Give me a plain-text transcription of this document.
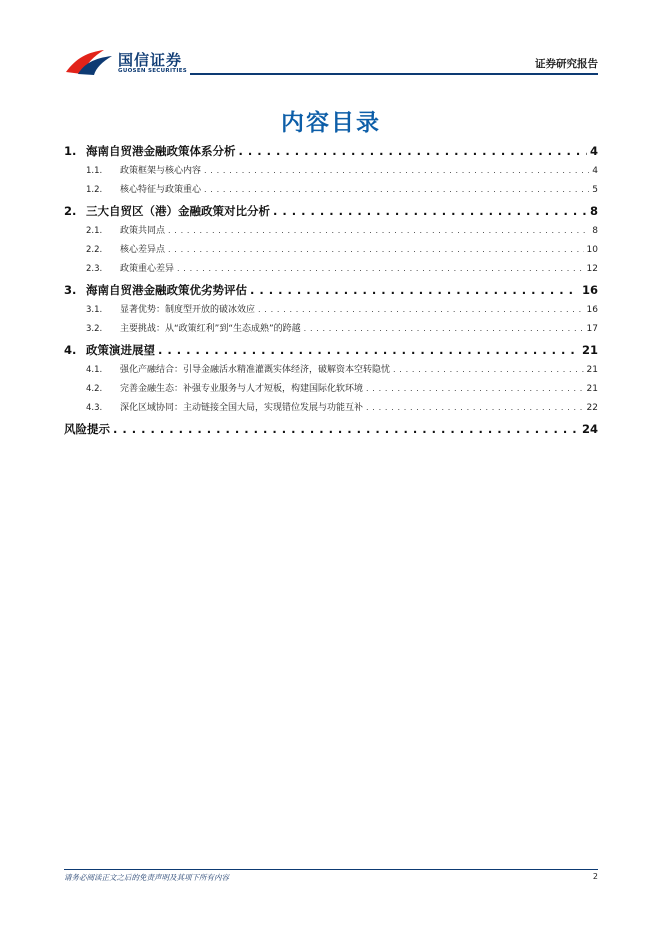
国信证券
GUOSEN SECURITIES
证券研究报告
内容目录
1. 海南自贸港金融政策体系分析 . . .	4
1.1.	政策框架与核心内容 . . .	4
1.2.	核心特征与政策重心 . . .	5
2. 三大自贸区（港）金融政策对比分析 . . .	8
2.1.	政策共同点 . . .	8
2.2.	核心差异点 . . .	10
2.3.	政策重心差异 . . .	12
3. 海南自贸港金融政策优劣势评估 . . .	16
3.1.	显著优势：制度型开放的破冰效应 . . .	16
3.2.	主要挑战：从“政策红利”到“生态成熟”的跨越 . . .	17
4. 政策演进展望 . . .	21
4.1.	强化产融结合：引导金融活水精准灌溉实体经济，破解资本空转隐忧 . . .	21
4.2.	完善金融生态：补强专业服务与人才短板，构建国际化软环境 . . .	21
4.3.	深化区域协同：主动链接全国大局，实现错位发展与功能互补 . . .	22
风险提示 . . .	24
请务必阅读正文之后的免责声明及其项下所有内容	2
